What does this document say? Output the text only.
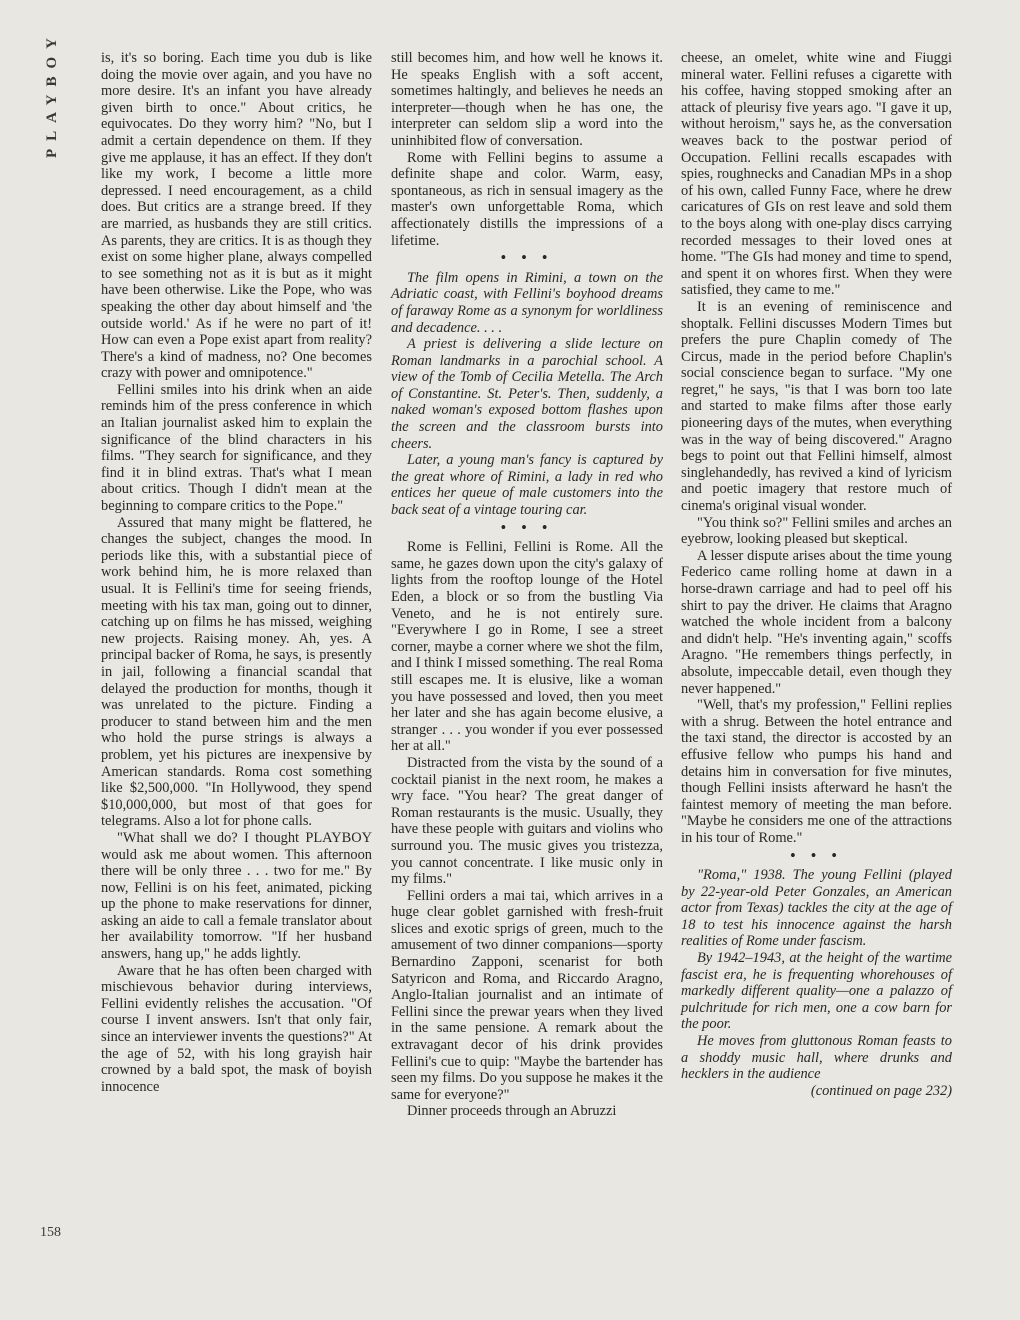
PLAYBOY	is, it's so boring. Each time you dub is like doing the movie over again, and you have no more desire. It's an infant you have already given birth to once." About critics, he equivocates. Do they worry him? "No, but I admit a certain dependence on them. If they give me applause, it has an effect. If they don't like my work, I become a little more depressed. I need encouragement, as a child does. But critics are a strange breed. If they are married, as husbands they are still critics. As parents, they are critics. It is as though they exist on some higher plane, always compelled to see something not as it is but as it might have been otherwise. Like the Pope, who was speaking the other day about himself and 'the outside world.' As if he were no part of it! How can even a Pope exist apart from reality? There's a kind of madness, no? One becomes crazy with power and omnipotence."

Fellini smiles into his drink when an aide reminds him of the press conference in which an Italian journalist asked him to explain the significance of the blind characters in his films. "They search for significance, and they find it in blind extras. That's what I mean about critics. Though I didn't mean at the beginning to compare critics to the Pope."

Assured that many might be flattered, he changes the subject, changes the mood. In periods like this, with a substantial piece of work behind him, he is more relaxed than usual. It is Fellini's time for seeing friends, meeting with his tax man, going out to dinner, catching up on films he has missed, weighing new projects. Raising money. Ah, yes. A principal backer of Roma, he says, is presently in jail, following a financial scandal that delayed the production for months, though it was unrelated to the picture. Finding a producer to stand between him and the men who hold the purse strings is always a problem, yet his pictures are inexpensive by American standards. Roma cost something like $2,500,000. "In Hollywood, they spend $10,000,000, but most of that goes for telegrams. Also a lot for phone calls.

"What shall we do? I thought PLAYBOY would ask me about women. This afternoon there will be only three . . . two for me." By now, Fellini is on his feet, animated, picking up the phone to make reservations for dinner, asking an aide to call a female translator about her availability tomorrow. "If her husband answers, hang up," he adds lightly.

Aware that he has often been charged with mischievous behavior during interviews, Fellini evidently relishes the accusation. "Of course I invent answers. Isn't that only fair, since an interviewer invents the questions?" At the age of 52, with his long grayish hair crowned by a bald spot, the mask of boyish innocence

still becomes him, and how well he knows it. He speaks English with a soft accent, sometimes haltingly, and believes he needs an interpreter—though when he has one, the interpreter can seldom slip a word into the uninhibited flow of conversation.

Rome with Fellini begins to assume a definite shape and color. Warm, easy, spontaneous, as rich in sensual imagery as the master's own unforgettable Roma, which affectionately distills the impressions of a lifetime.

• • •

The film opens in Rimini, a town on the Adriatic coast, with Fellini's boyhood dreams of faraway Rome as a synonym for worldliness and decadence. . . .

A priest is delivering a slide lecture on Roman landmarks in a parochial school. A view of the Tomb of Cecilia Metella. The Arch of Constantine. St. Peter's. Then, suddenly, a naked woman's exposed bottom flashes upon the screen and the classroom bursts into cheers.

Later, a young man's fancy is captured by the great whore of Rimini, a lady in red who entices her queue of male customers into the back seat of a vintage touring car.

• • •

Rome is Fellini, Fellini is Rome. All the same, he gazes down upon the city's galaxy of lights from the rooftop lounge of the Hotel Eden, a block or so from the bustling Via Veneto, and he is not entirely sure. "Everywhere I go in Rome, I see a street corner, maybe a corner where we shot the film, and I think I missed something. The real Roma still escapes me. It is elusive, like a woman you have possessed and loved, then you meet her later and she has again become elusive, a stranger . . . you wonder if you ever possessed her at all."

Distracted from the vista by the sound of a cocktail pianist in the next room, he makes a wry face. "You hear? The great danger of Roman restaurants is the music. Usually, they have these people with guitars and violins who surround you. The music gives you tristezza, you cannot concentrate. I like music only in my films."

Fellini orders a mai tai, which arrives in a huge clear goblet garnished with fresh-fruit slices and exotic sprigs of green, much to the amusement of two dinner companions—sporty Bernardino Zapponi, scenarist for both Satyricon and Roma, and Riccardo Aragno, Anglo-Italian journalist and an intimate of Fellini since the prewar years when they lived in the same pensione. A remark about the extravagant decor of his drink provides Fellini's cue to quip: "Maybe the bartender has seen my films. Do you suppose he makes it the same for everyone?"

Dinner proceeds through an Abruzzi

cheese, an omelet, white wine and Fiuggi mineral water. Fellini refuses a cigarette with his coffee, having stopped smoking after an attack of pleurisy five years ago. "I gave it up, without heroism," says he, as the conversation weaves back to the postwar period of Occupation. Fellini recalls escapades with spies, roughnecks and Canadian MPs in a shop of his own, called Funny Face, where he drew caricatures of GIs on rest leave and sold them to the boys along with one-play discs carrying recorded messages to their loved ones at home. "The GIs had money and time to spend, and spent it on whores first. When they were satisfied, they came to me."

It is an evening of reminiscence and shoptalk. Fellini discusses Modern Times but prefers the pure Chaplin comedy of The Circus, made in the period before Chaplin's social conscience began to surface. "My one regret," he says, "is that I was born too late and started to make films after those early pioneering days of the mutes, when everything was in the way of being discovered." Aragno begs to point out that Fellini himself, almost singlehandedly, has revived a kind of lyricism and poetic imagery that restore much of cinema's original visual wonder.

"You think so?" Fellini smiles and arches an eyebrow, looking pleased but skeptical.

A lesser dispute arises about the time young Federico came rolling home at dawn in a horse-drawn carriage and had to peel off his shirt to pay the driver. He claims that Aragno watched the whole incident from a balcony and didn't help. "He's inventing again," scoffs Aragno. "He remembers things perfectly, in absolute, impeccable detail, even though they never happened."

"Well, that's my profession," Fellini replies with a shrug. Between the hotel entrance and the taxi stand, the director is accosted by an effusive fellow who pumps his hand and detains him in conversation for five minutes, though Fellini insists afterward he hasn't the faintest memory of meeting the man before. "Maybe he considers me one of the attractions in his tour of Rome."

• • •

"Roma," 1938. The young Fellini (played by 22-year-old Peter Gonzales, an American actor from Texas) tackles the city at the age of 18 to test his innocence against the harsh realities of Rome under fascism.

By 1942–1943, at the height of the wartime fascist era, he is frequenting whorehouses of markedly different quality—one a palazzo of pulchritude for rich men, one a cow barn for the poor.

He moves from gluttonous Roman feasts to a shoddy music hall, where drunks and hecklers in the audience

(continued on page 232)

158
